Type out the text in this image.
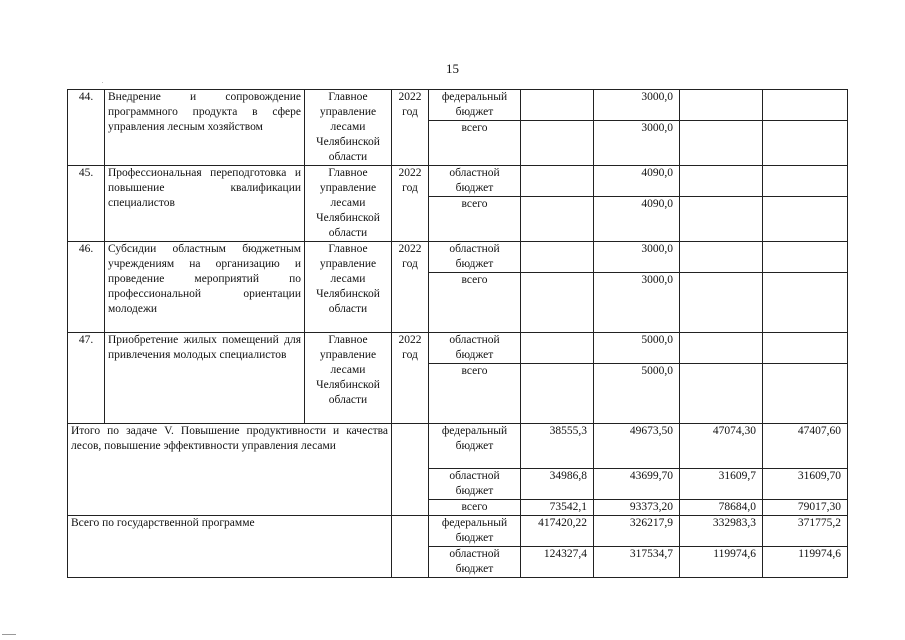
15
44.	Внедрение и сопровождение программного продукта в сфере управления лесным хозяйством	Главное управление лесами Челябинской области	2022 год	федеральный бюджет		3000,0		
				всего		3000,0		
45.	Профессиональная переподготовка и повышение квалификации специалистов	Главное управление лесами Челябинской области	2022 год	областной бюджет		4090,0		
				всего		4090,0		
46.	Субсидии областным бюджетным учреждениям на организацию и проведение мероприятий по профессиональной ориентации молодежи	Главное управление лесами Челябинской области	2022 год	областной бюджет		3000,0		
				всего		3000,0		
47.	Приобретение жилых помещений для привлечения молодых специалистов	Главное управление лесами Челябинской области	2022 год	областной бюджет		5000,0		
				всего		5000,0		
Итого по задаче V. Повышение продуктивности и качества лесов, повышение эффективности управления лесами				федеральный бюджет	38555,3	49673,50	47074,30	47407,60
				областной бюджет	34986,8	43699,70	31609,7	31609,70
				всего	73542,1	93373,20	78684,0	79017,30
Всего по государственной программе				федеральный бюджет	417420,22	326217,9	332983,3	371775,2
				областной бюджет	124327,4	317534,7	119974,6	119974,6
